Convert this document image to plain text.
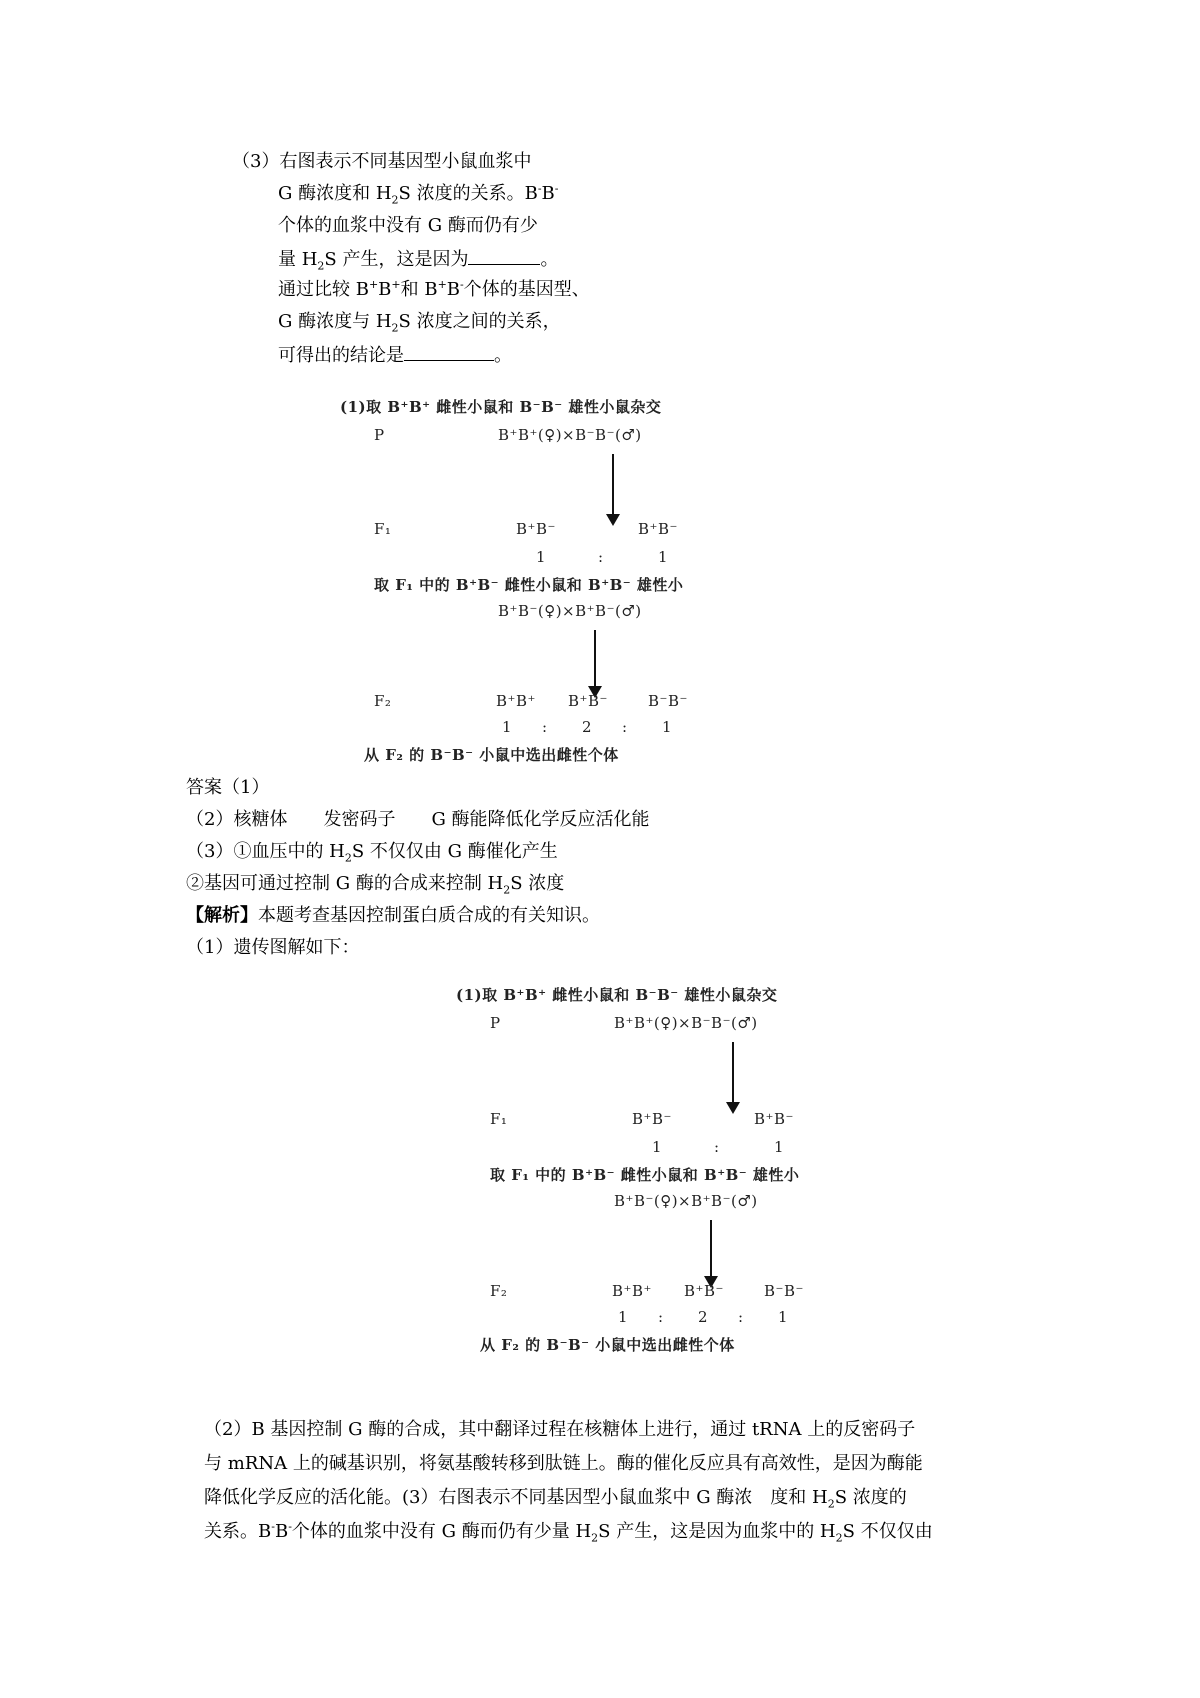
（3）右图表示不同基因型小鼠血浆中
G 酶浓度和 $H_2S$ 浓度的关系。B-B-
个体的血浆中没有 G 酶而仍有少
量 $H_2S$ 产生，这是因为	。
通过比较 B+B+和 B+B-个体的基因型、
G 酶浓度与 $H_2S$ 浓度之间的关系，
可得出的结论是	。
(1)取 B⁺B⁺ 雌性小鼠和 B⁻B⁻ 雄性小鼠杂交
P	B⁺B⁺(♀)×B⁻B⁻(♂)
F₁	B⁺B⁻	B⁺B⁻
1	:	1
取 F₁ 中的 B⁺B⁻ 雌性小鼠和 B⁺B⁻ 雄性小
B⁺B⁻(♀)×B⁺B⁻(♂)
F₂	B⁺B⁺ B⁺B⁻	B⁻B⁻
1 : 2 : 1
从 F₂ 的 B⁻B⁻ 小鼠中选出雌性个体
答案（1）
（2）核糖体　　发密码子　　G 酶能降低化学反应活化能
（3）①血压中的 $H_2S$ 不仅仅由 G 酶催化产生
②基因可通过控制 G 酶的合成来控制 $H_2S$ 浓度
【解析】本题考查基因控制蛋白质合成的有关知识。
（1）遗传图解如下：
(1)取 B⁺B⁺ 雌性小鼠和 B⁻B⁻ 雄性小鼠杂交
P	B⁺B⁺(♀)×B⁻B⁻(♂)
F₁	B⁺B⁻	B⁺B⁻
1	:	1
取 F₁ 中的 B⁺B⁻ 雌性小鼠和 B⁺B⁻ 雄性小
B⁺B⁻(♀)×B⁺B⁻(♂)
F₂	B⁺B⁺ B⁺B⁻	B⁻B⁻
1 : 2 : 1
从 F₂ 的 B⁻B⁻ 小鼠中选出雌性个体
（2）B 基因控制 G 酶的合成，其中翻译过程在核糖体上进行，通过 tRNA 上的反密码子
与 mRNA 上的碱基识别，将氨基酸转移到肽链上。酶的催化反应具有高效性，是因为酶能
降低化学反应的活化能。(3）右图表示不同基因型小鼠血浆中 G 酶浓　度和 $H_2S$ 浓度的
关系。B-B-个体的血浆中没有 G 酶而仍有少量 $H_2S$ 产生，这是因为血浆中的 $H_2S$ 不仅仅由
